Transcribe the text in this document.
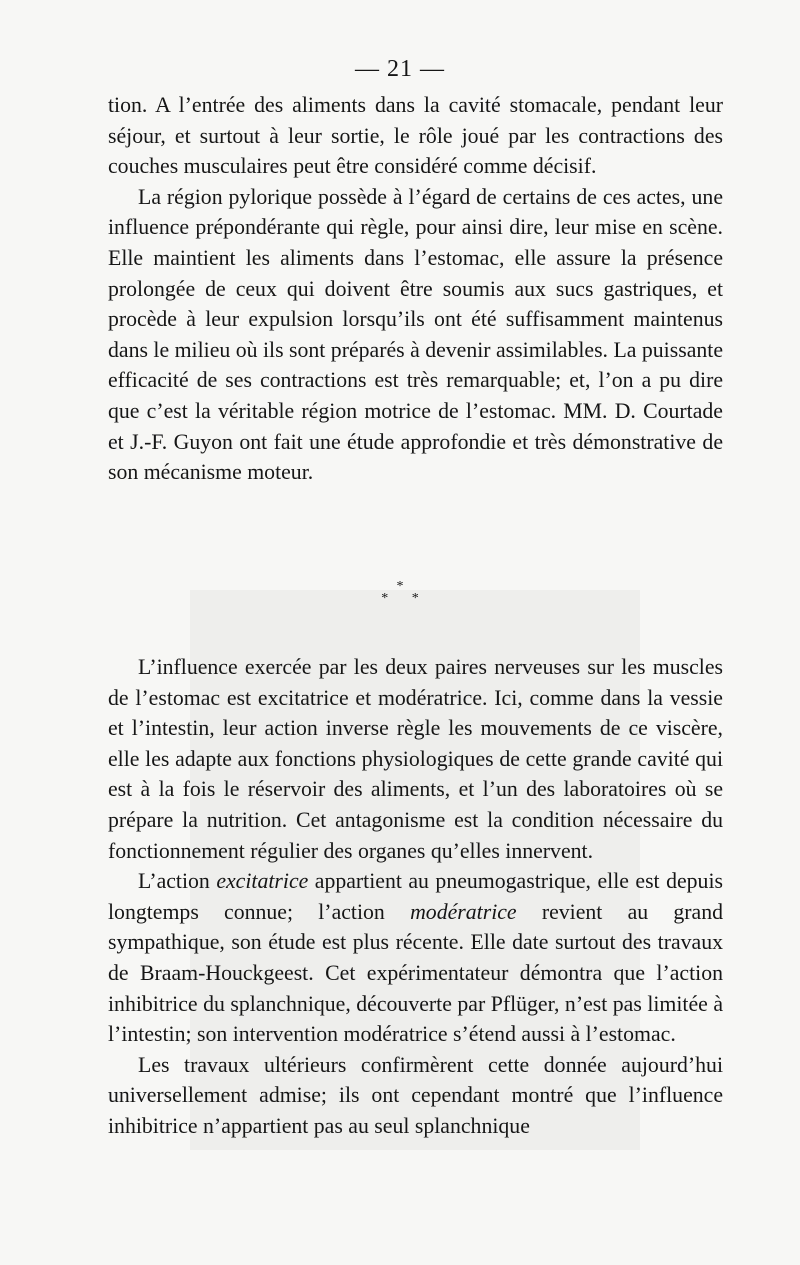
— 21 —

tion. A l’entrée des aliments dans la cavité stomacale, pendant leur séjour, et surtout à leur sortie, le rôle joué par les contractions des couches musculaires peut être considéré comme décisif.

La région pylorique possède à l’égard de certains de ces actes, une influence prépondérante qui règle, pour ainsi dire, leur mise en scène. Elle maintient les aliments dans l’estomac, elle assure la présence prolongée de ceux qui doivent être soumis aux sucs gastriques, et procède à leur expulsion lorsqu’ils ont été suffisamment maintenus dans le milieu où ils sont préparés à devenir assimilables. La puissante efficacité de ses contractions est très remarquable; et, l’on a pu dire que c’est la véritable région motrice de l’estomac. MM. D. Courtade et J.-F. Guyon ont fait une étude approfondie et très démonstrative de son mécanisme moteur.

*
* *

L’influence exercée par les deux paires nerveuses sur les muscles de l’estomac est excitatrice et modératrice. Ici, comme dans la vessie et l’intestin, leur action inverse règle les mouvements de ce viscère, elle les adapte aux fonctions physiologiques de cette grande cavité qui est à la fois le réservoir des aliments, et l’un des laboratoires où se prépare la nutrition. Cet antagonisme est la condition nécessaire du fonctionnement régulier des organes qu’elles innervent.

L’action excitatrice appartient au pneumogastrique, elle est depuis longtemps connue; l’action modératrice revient au grand sympathique, son étude est plus récente. Elle date surtout des travaux de Braam-Houckgeest. Cet expérimentateur démontra que l’action inhibitrice du splanchnique, découverte par Pflüger, n’est pas limitée à l’intestin; son intervention modératrice s’étend aussi à l’estomac.

Les travaux ultérieurs confirmèrent cette donnée aujourd’hui universellement admise; ils ont cependant montré que l’influence inhibitrice n’appartient pas au seul splanchnique
